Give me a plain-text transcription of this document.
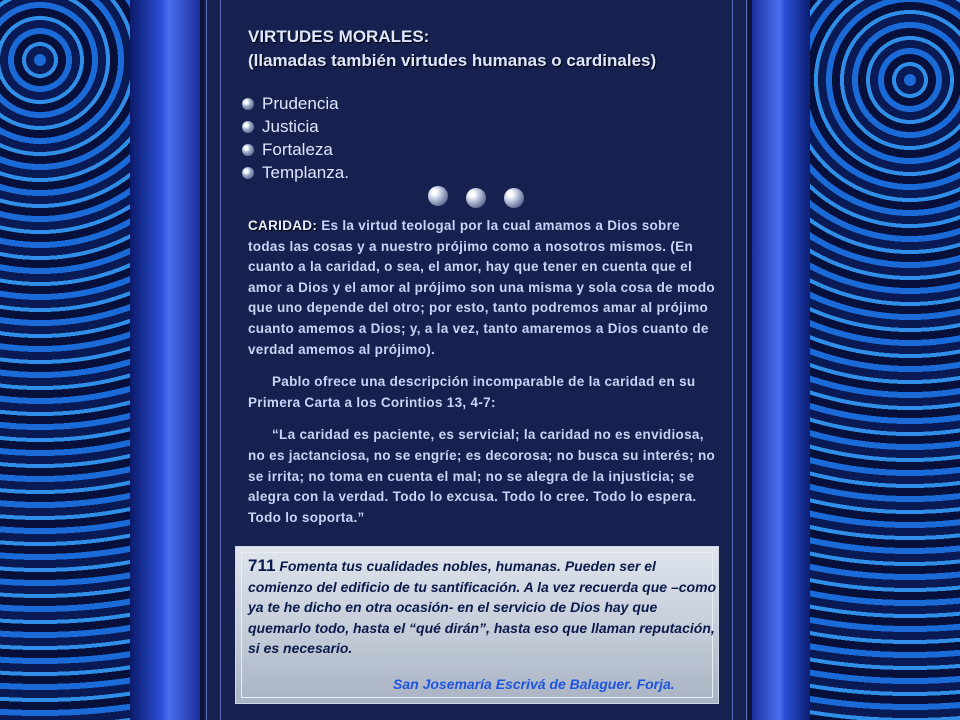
VIRTUDES MORALES:
(llamadas también virtudes humanas o cardinales)
Prudencia
Justicia
Fortaleza
Templanza.

CARIDAD: Es la virtud teologal por la cual amamos a Dios sobre todas las cosas y a nuestro prójimo como a nosotros mismos. (En cuanto a la caridad, o sea, el amor, hay que tener en cuenta que el amor a Dios y el amor al prójimo son una misma y sola cosa de modo que uno depende del otro; por esto, tanto podremos amar al prójimo cuanto amemos a Dios; y, a la vez, tanto amaremos a Dios cuanto de verdad amemos al prójimo).

Pablo ofrece una descripción incomparable de la caridad en su Primera Carta a los Corintios 13, 4-7:

“La caridad es paciente, es servicial; la caridad no es envidiosa, no es jactanciosa, no se engríe; es decorosa; no busca su interés; no se irrita; no toma en cuenta el mal; no se alegra de la injusticia; se alegra con la verdad. Todo lo excusa. Todo lo cree. Todo lo espera. Todo lo soporta.”

711 Fomenta tus cualidades nobles, humanas. Pueden ser el comienzo del edificio de tu santificación. A la vez recuerda que –como ya te he dicho en otra ocasión- en el servicio de Dios hay que quemarlo todo, hasta el “qué dirán”, hasta eso que llaman reputación, si es necesario.
San Josemaría Escrivá de Balaguer. Forja.
